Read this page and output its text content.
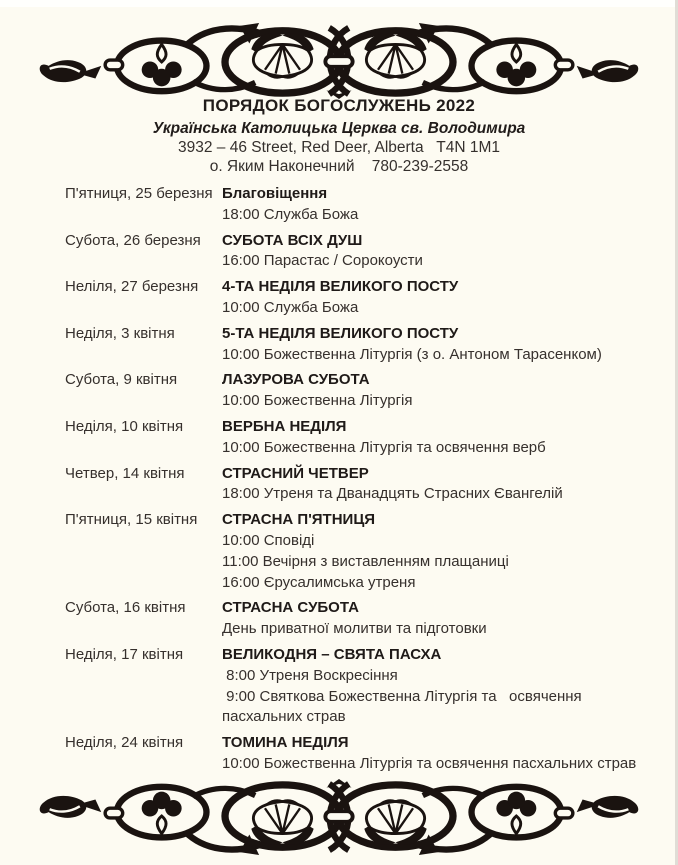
ПОРЯДОК БОГОСЛУЖЕНЬ 2022
Українська Католицька Церква св. Володимира
3932 – 46 Street, Red Deer, Alberta   T4N 1M1
о. Яким Наконечний    780-239-2558
П'ятниця, 25 березня Благовіщення
18:00 Служба Божа
Субота, 26 березня	СУБОТА ВСІХ ДУШ
16:00 Парастас / Сорокоусти
Неліля, 27 березня	4-ТА НЕДІЛЯ ВЕЛИКОГО ПОСТУ
10:00 Служба Божа
Неділя, 3 квітня	5-ТА НЕДІЛЯ ВЕЛИКОГО ПОСТУ
10:00 Божественна Літургія (з о. Антоном Тарасенком)
Субота, 9 квітня	ЛАЗУРОВА СУБОТА
10:00 Божественна Літургія
Неділя, 10 квітня	ВЕРБНА НЕДІЛЯ
10:00 Божественна Літургія та освячення верб
Четвер, 14 квітня	СТРАСНИЙ ЧЕТВЕР
18:00 Утреня та Дванадцять Страсних Євангелій
П'ятниця, 15 квітня	СТРАСНА П'ЯТНИЦЯ
10:00 Сповіді
11:00 Вечірня з виставленням плащаниці
16:00 Єрусалимська утреня
Субота, 16 квітня	СТРАСНА СУБОТА
День приватної молитви та підготовки
Неділя, 17 квітня	ВЕЛИКОДНЯ – СВЯТА ПАСХА
8:00 Утреня Воскресіння
9:00 Святкова Божественна Літургія та   освячення
пасхальних страв
Неділя, 24 квітня	ТОМИНА НЕДІЛЯ
10:00 Божественна Літургія та освячення пасхальних страв
